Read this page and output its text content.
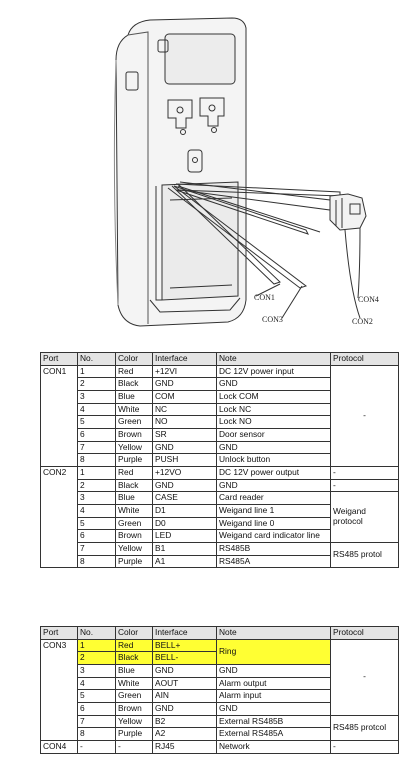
CON1
CON3
CON4
CON2
Port	No.	Color	Interface	Note	Protocol
CON1	1	Red	+12VI	DC 12V power input	-
	2	Black	GND	GND	
	3	Blue	COM	Lock COM	
	4	White	NC	Lock NC	
	5	Green	NO	Lock NO	
	6	Brown	SR	Door sensor	
	7	Yellow	GND	GND	
	8	Purple	PUSH	Unlock button	
CON2	1	Red	+12VO	DC 12V power output	-
	2	Black	GND	GND	-
	3	Blue	CASE	Card reader	Weigand protocol
	4	White	D1	Weigand line 1	
	5	Green	D0	Weigand line 0	
	6	Brown	LED	Weigand card indicator line	
	7	Yellow	B1	RS485B	RS485 protol
	8	Purple	A1	RS485A	
Port	No.	Color	Interface	Note	Protocol
CON3	1	Red	BELL+	Ring	-
	2	Black	BELL-		
	3	Blue	GND	GND	
	4	White	AOUT	Alarm output	
	5	Green	AIN	Alarm input	
	6	Brown	GND	GND	
	7	Yellow	B2	External RS485B	RS485 protcol
	8	Purple	A2	External RS485A	
CON4	-	-	RJ45	Network	-
